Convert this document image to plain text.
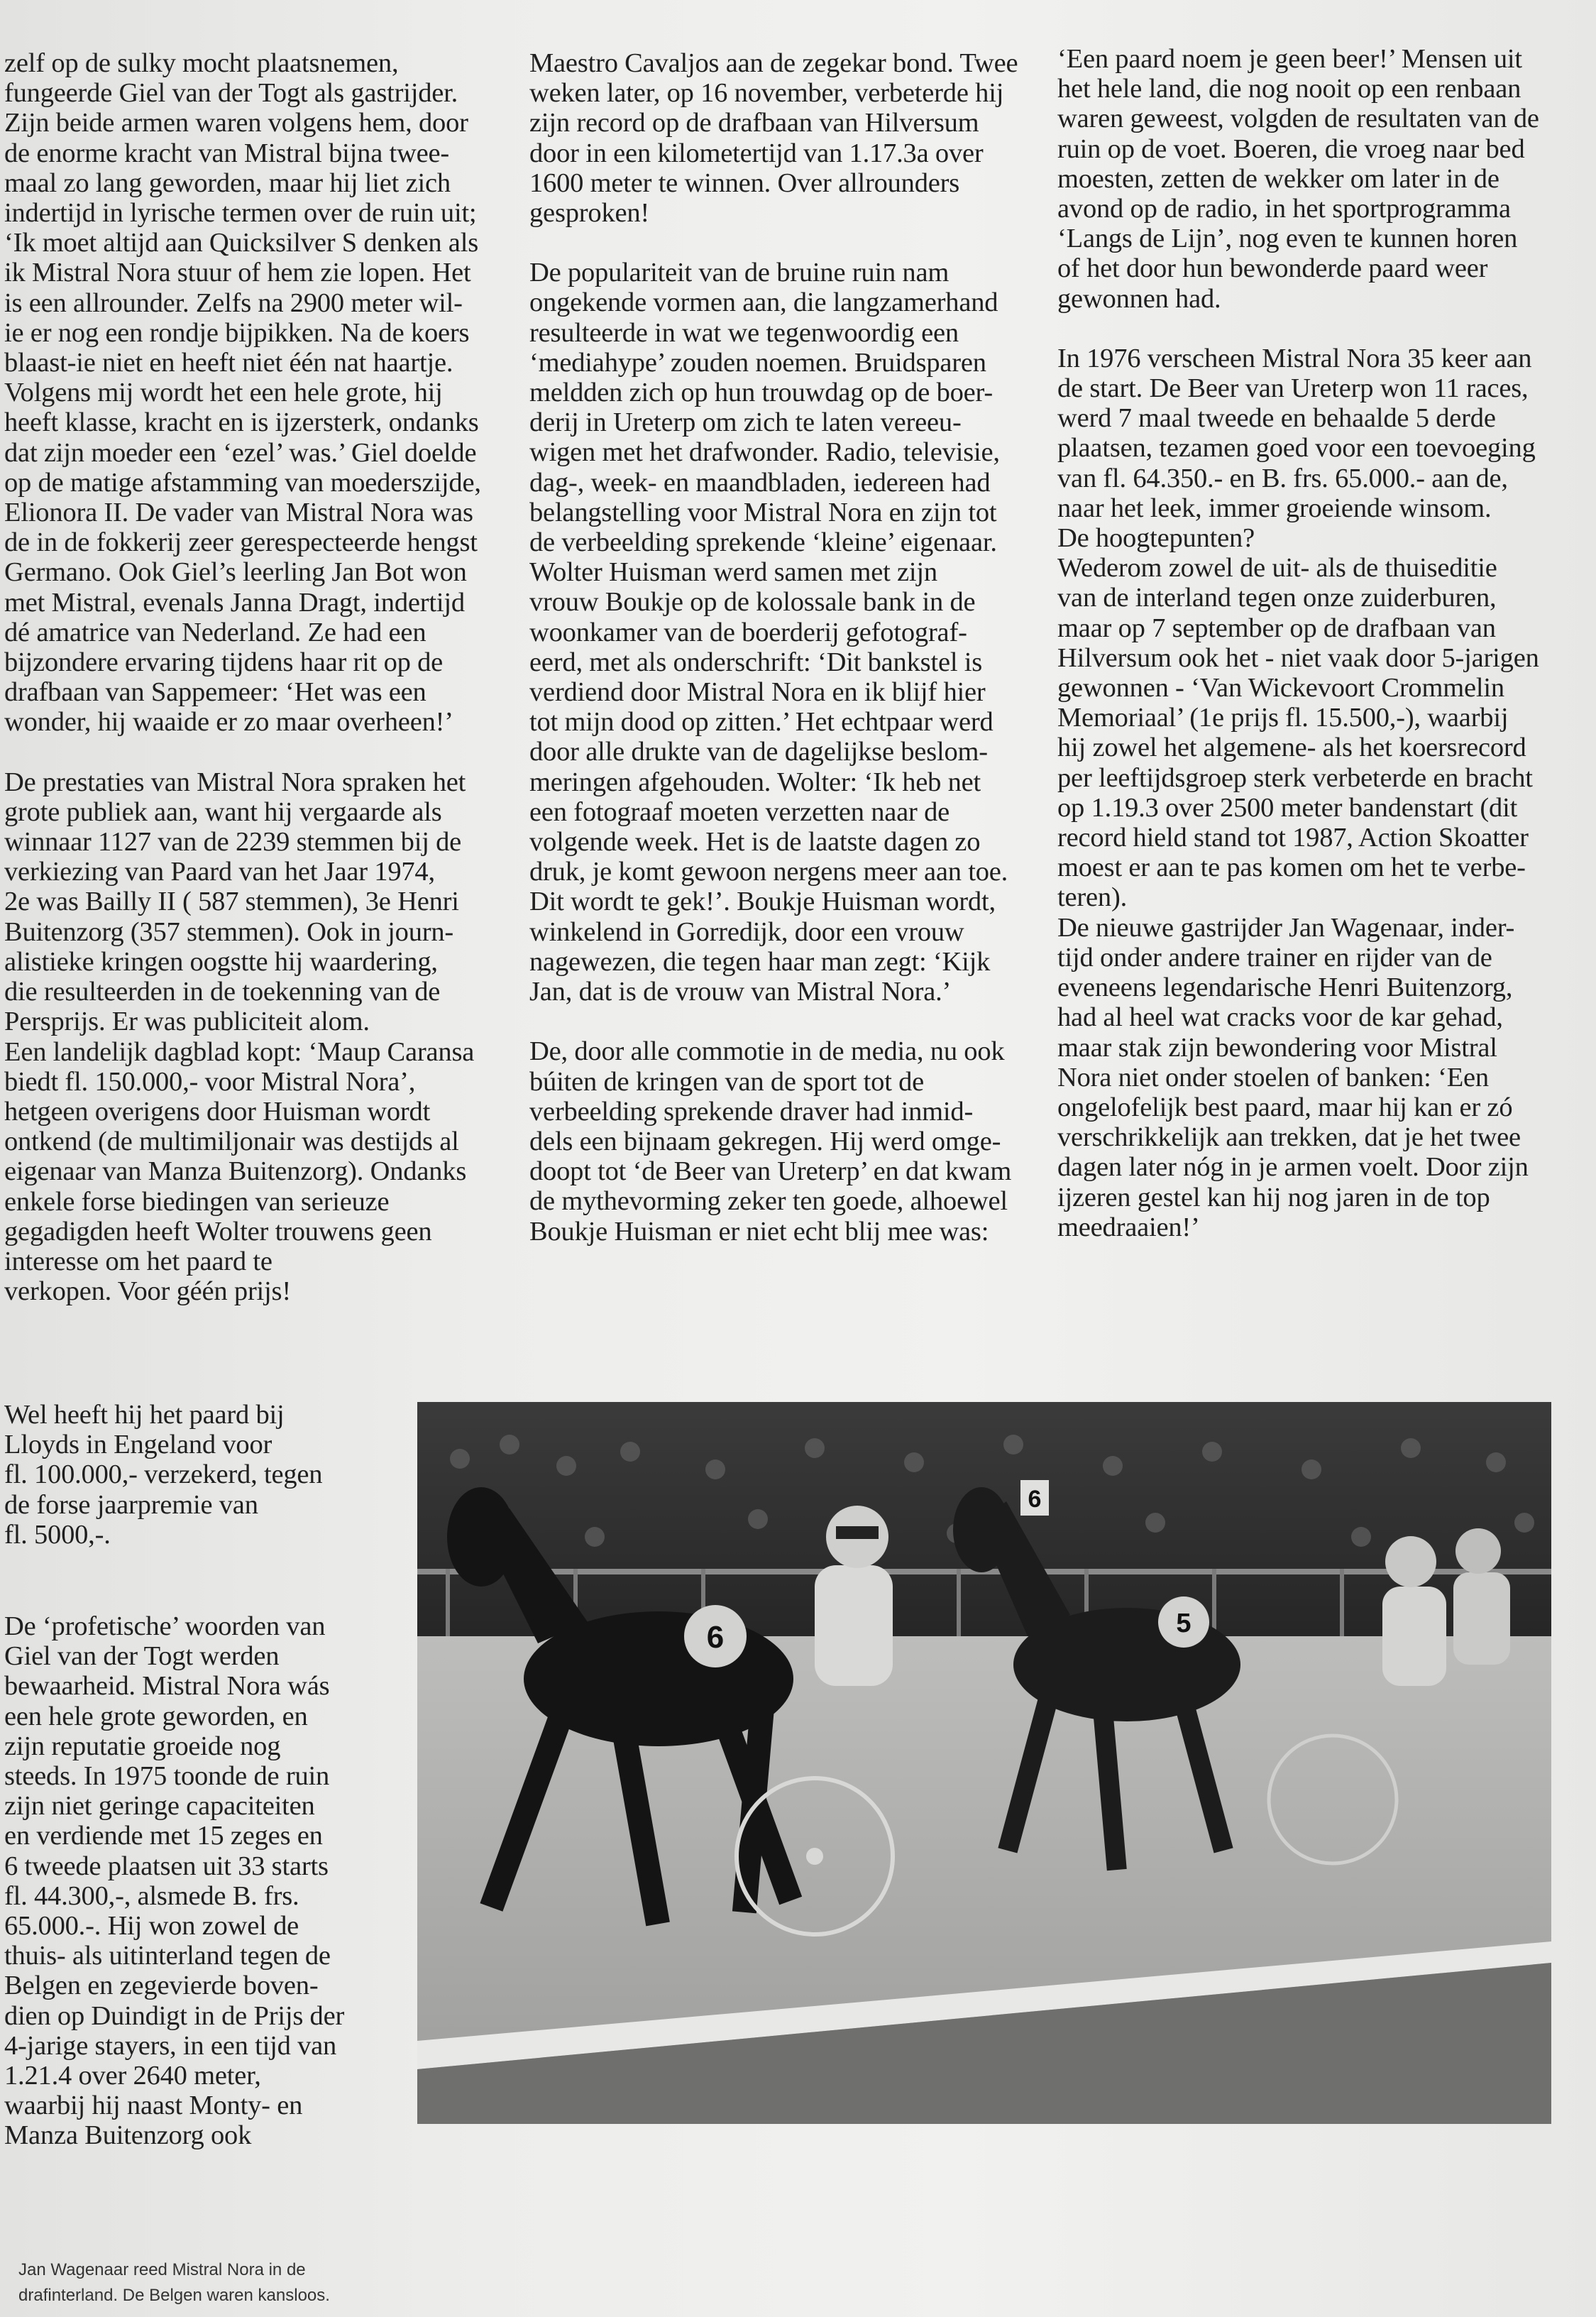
zelf op de sulky mocht plaatsnemen,
fungeerde Giel van der Togt als gastrijder.
Zijn beide armen waren volgens hem, door
de enorme kracht van Mistral bijna twee-
maal zo lang geworden, maar hij liet zich
indertijd in lyrische termen over de ruin uit;
‘Ik moet altijd aan Quicksilver S denken als
ik Mistral Nora stuur of hem zie lopen. Het
is een allrounder. Zelfs na 2900 meter wil-
ie er nog een rondje bijpikken. Na de koers
blaast-ie niet en heeft niet één nat haartje.
Volgens mij wordt het een hele grote, hij
heeft klasse, kracht en is ijzersterk, ondanks
dat zijn moeder een ‘ezel’ was.’ Giel doelde
op de matige afstamming van moederszijde,
Elionora II. De vader van Mistral Nora was
de in de fokkerij zeer gerespecteerde hengst
Germano. Ook Giel’s leerling Jan Bot won
met Mistral, evenals Janna Dragt, indertijd
dé amatrice van Nederland. Ze had een
bijzondere ervaring tijdens haar rit op de
drafbaan van Sappemeer: ‘Het was een
wonder, hij waaide er zo maar overheen!’

De prestaties van Mistral Nora spraken het
grote publiek aan, want hij vergaarde als
winnaar 1127 van de 2239 stemmen bij de
verkiezing van Paard van het Jaar 1974,
2e was Bailly II ( 587 stemmen), 3e Henri
Buitenzorg (357 stemmen). Ook in journ-
alistieke kringen oogstte hij waardering,
die resulteerden in de toekenning van de
Persprijs. Er was publiciteit alom.
Een landelijk dagblad kopt: ‘Maup Caransa
biedt fl. 150.000,- voor Mistral Nora’,
hetgeen overigens door Huisman wordt
ontkend (de multimiljonair was destijds al
eigenaar van Manza Buitenzorg). Ondanks
enkele forse biedingen van serieuze
gegadigden heeft Wolter trouwens geen
interesse om het paard te
verkopen. Voor géén prijs!

Wel heeft hij het paard bij
Lloyds in Engeland voor
fl. 100.000,- verzekerd, tegen
de forse jaarpremie van
fl. 5000,-.

De ‘profetische’ woorden van
Giel van der Togt werden
bewaarheid. Mistral Nora wás
een hele grote geworden, en
zijn reputatie groeide nog
steeds. In 1975 toonde de ruin
zijn niet geringe capaciteiten
en verdiende met 15 zeges en
6 tweede plaatsen uit 33 starts
fl. 44.300,-, alsmede B. frs.
65.000.-. Hij won zowel de
thuis- als uitinterland tegen de
Belgen en zegevierde boven-
dien op Duindigt in de Prijs der
4-jarige stayers, in een tijd van
1.21.4 over 2640 meter,
waarbij hij naast Monty- en
Manza Buitenzorg ook

Maestro Cavaljos aan de zegekar bond. Twee
weken later, op 16 november, verbeterde hij
zijn record op de drafbaan van Hilversum
door in een kilometertijd van 1.17.3a over
1600 meter te winnen. Over allrounders
gesproken!

De populariteit van de bruine ruin nam
ongekende vormen aan, die langzamerhand
resulteerde in wat we tegenwoordig een
‘mediahype’ zouden noemen. Bruidsparen
meldden zich op hun trouwdag op de boer-
derij in Ureterp om zich te laten vereeu-
wigen met het drafwonder. Radio, televisie,
dag-, week- en maandbladen, iedereen had
belangstelling voor Mistral Nora en zijn tot
de verbeelding sprekende ‘kleine’ eigenaar.
Wolter Huisman werd samen met zijn
vrouw Boukje op de kolossale bank in de
woonkamer van de boerderij gefotograf-
eerd, met als onderschrift: ‘Dit bankstel is
verdiend door Mistral Nora en ik blijf hier
tot mijn dood op zitten.’ Het echtpaar werd
door alle drukte van de dagelijkse beslom-
meringen afgehouden. Wolter: ‘Ik heb net
een fotograaf moeten verzetten naar de
volgende week. Het is de laatste dagen zo
druk, je komt gewoon nergens meer aan toe.
Dit wordt te gek!’. Boukje Huisman wordt,
winkelend in Gorredijk, door een vrouw
nagewezen, die tegen haar man zegt: ‘Kijk
Jan, dat is de vrouw van Mistral Nora.’

De, door alle commotie in de media, nu ook
búiten de kringen van de sport tot de
verbeelding sprekende draver had inmid-
dels een bijnaam gekregen. Hij werd omge-
doopt tot ‘de Beer van Ureterp’ en dat kwam
de mythevorming zeker ten goede, alhoewel
Boukje Huisman er niet echt blij mee was:

‘Een paard noem je geen beer!’ Mensen uit
het hele land, die nog nooit op een renbaan
waren geweest, volgden de resultaten van de
ruin op de voet. Boeren, die vroeg naar bed
moesten, zetten de wekker om later in de
avond op de radio, in het sportprogramma
‘Langs de Lijn’, nog even te kunnen horen
of het door hun bewonderde paard weer
gewonnen had.

In 1976 verscheen Mistral Nora 35 keer aan
de start. De Beer van Ureterp won 11 races,
werd 7 maal tweede en behaalde 5 derde
plaatsen, tezamen goed voor een toevoeging
van fl. 64.350.- en B. frs. 65.000.- aan de,
naar het leek, immer groeiende winsom.
De hoogtepunten?
Wederom zowel de uit- als de thuiseditie
van de interland tegen onze zuiderburen,
maar op 7 september op de drafbaan van
Hilversum ook het - niet vaak door 5-jarigen
gewonnen - ‘Van Wickevoort Crommelin
Memoriaal’ (1e prijs fl. 15.500,-), waarbij
hij zowel het algemene- als het koersrecord
per leeftijdsgroep sterk verbeterde en bracht
op 1.19.3 over 2500 meter bandenstart (dit
record hield stand tot 1987, Action Skoatter
moest er aan te pas komen om het te verbe-
teren).
De nieuwe gastrijder Jan Wagenaar, inder-
tijd onder andere trainer en rijder van de
eveneens legendarische Henri Buitenzorg,
had al heel wat cracks voor de kar gehad,
maar stak zijn bewondering voor Mistral
Nora niet onder stoelen of banken: ‘Een
ongelofelijk best paard, maar hij kan er zó
verschrikkelijk aan trekken, dat je het twee
dagen later nóg in je armen voelt. Door zijn
ijzeren gestel kan hij nog jaren in de top
meedraaien!’

6	5
6

Jan Wagenaar reed Mistral Nora in de
drafinterland. De Belgen waren kansloos.
